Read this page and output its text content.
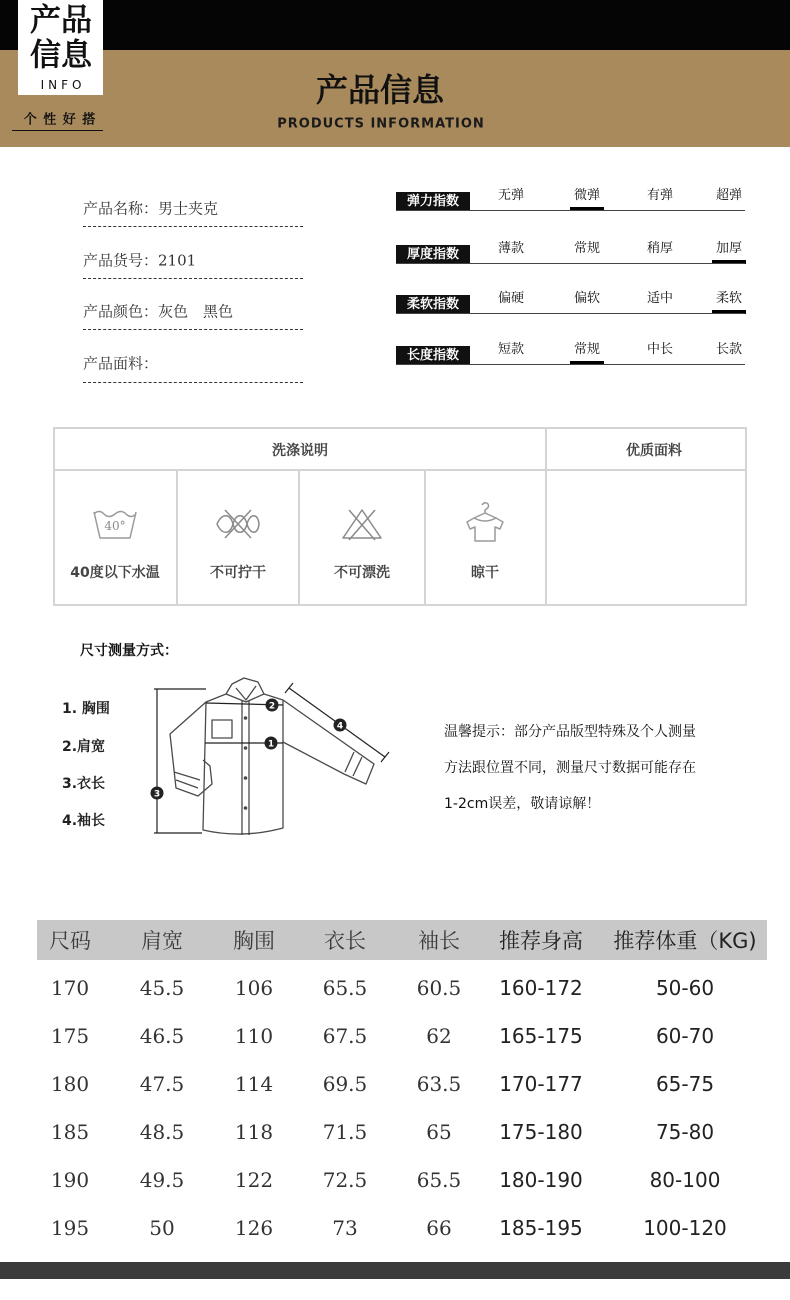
产品
信息
INFO
个 性 好 搭
产品信息
PRODUCTS INFORMATION
产品名称：男士夹克
产品货号：2101
产品颜色：灰色　黑色
产品面料：
弹力指数	无弹	微弹	有弹	超弹
厚度指数	薄款	常规	稍厚	加厚
柔软指数	偏硬	偏软	适中	柔软
长度指数	短款	常规	中长	长款
洗涤说明	优质面料
40°
40度以下水温	不可拧干	不可漂洗	晾干
尺寸测量方式：
1. 胸围
2.肩宽
3.衣长
4.袖长
1
2
3
4	温馨提示：部分产品版型特殊及个人测量
方法跟位置不同，测量尺寸数据可能存在
1-2cm误差，敬请谅解！
尺码 肩宽 胸围 衣长 袖长 推荐身高 推荐体重（KG)
170	45.5	106 65.5 60.5 160-172	50-60
175	46.5	110 67.5	62 165-175	60-70
180	47.5	114 69.5 63.5 170-177	65-75
185	48.5	118 71.5	65 175-180	75-80
190	49.5	122 72.5 65.5 180-190	80-100
195	50	126	73	66 185-195	100-120
